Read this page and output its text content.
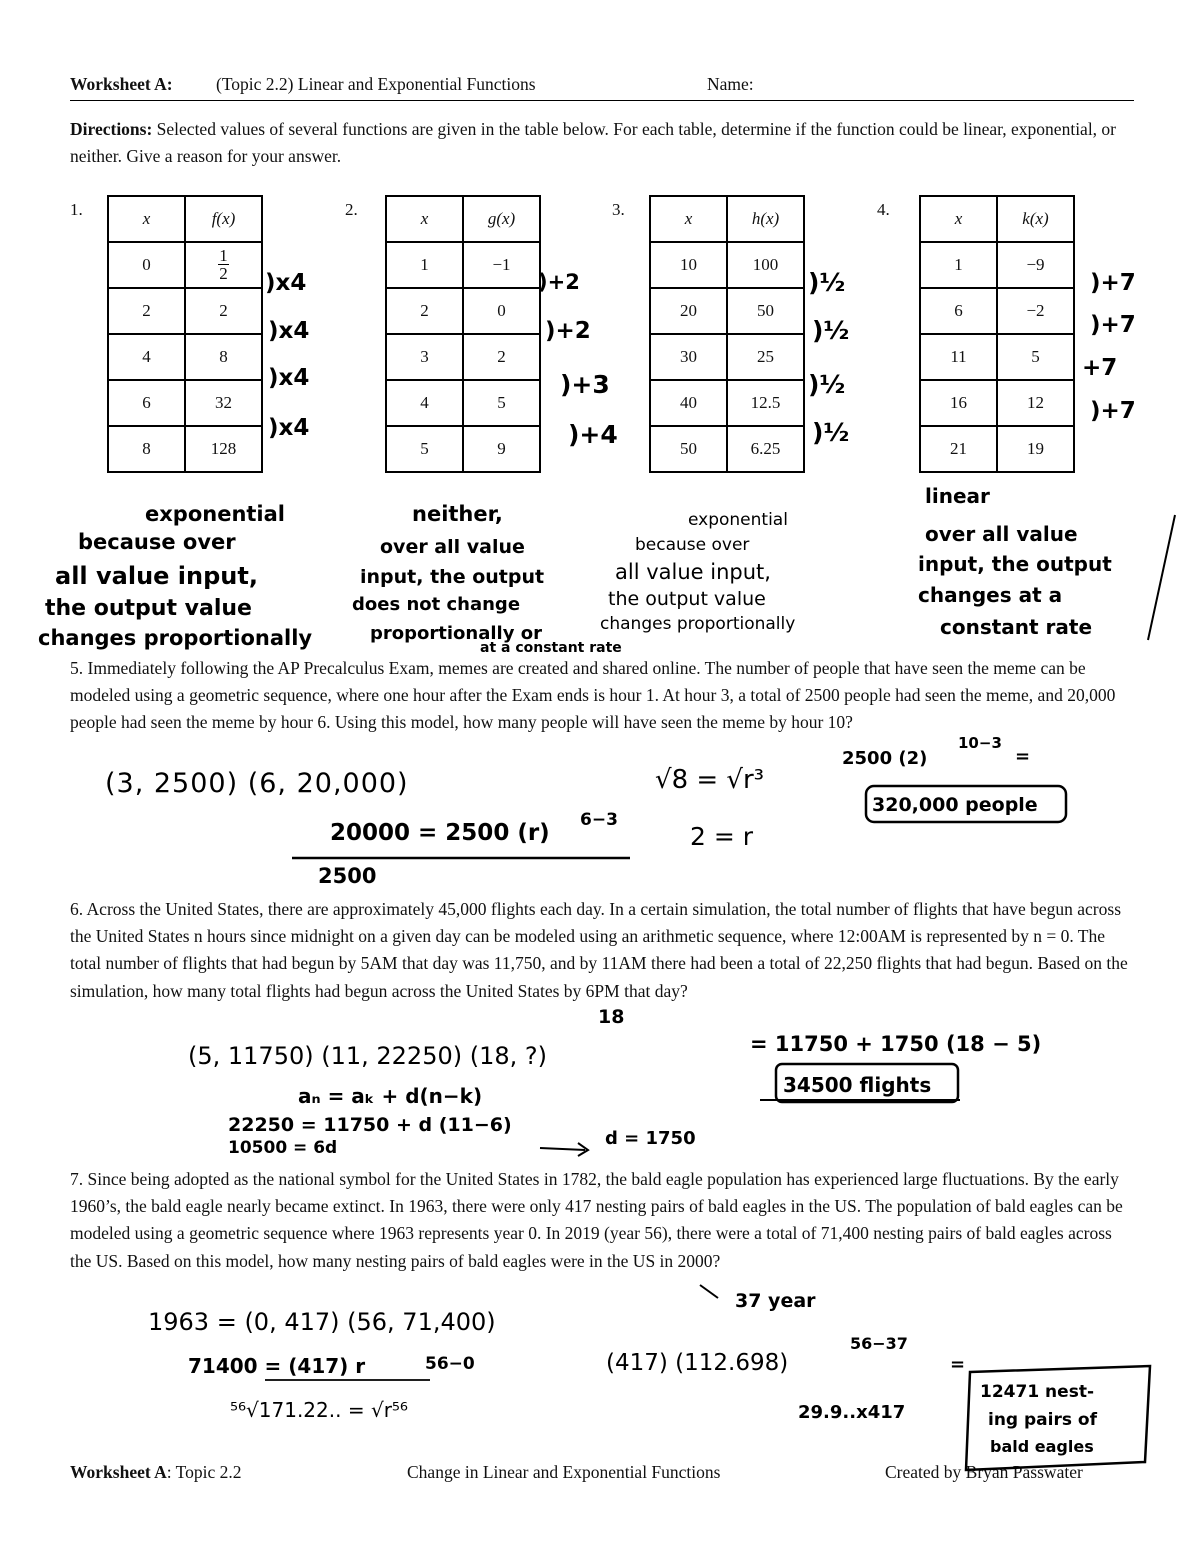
Worksheet A: (Topic 2.2) Linear and Exponential Functions	Name:
Directions: Selected values of several functions are given in the table below. For each table, determine if the function could be linear, exponential, or neither. Give a reason for your answer.
1.	x	f(x)
0	$\frac{1}{2}$

2	2
4	8
6	32
8	128
2.	x	g(x)
1	−1
2	0
3	2
4	5
5	9
3.	x	h(x)
10	100
20	50
30	25
40	12.5
50	6.25
4.	x	k(x)
1	−9
6	−2
11	5
16	12
21	19
)x4
)x4
)x4
)x4
)+2
)+2
)+3
)+4
)½
)½
)½
)½
)+7
)+7
+7
)+7
exponential
because over
all value input,
the output value
changes proportionally
neither,
over all value
input, the output
does not change
proportionally or
at a constant rate
exponential
because over
all value input,
the output value
changes proportionally
linear
over all value
input, the output
changes at a
constant rate
5. Immediately following the AP Precalculus Exam, memes are created and shared online. The number of people that have seen the meme can be modeled using a geometric sequence, where one hour after the Exam ends is hour 1. At hour 3, a total of 2500 people had seen the meme, and 20,000 people had seen the meme by hour 6. Using this model, how many people will have seen the meme by hour 10?
(3, 2500) (6, 20,000)
20000 = 2500 (r) 6−3
2500
√8 = √r³
2 = r
2500 (2)
10−3
=
320,000 people
6. Across the United States, there are approximately 45,000 flights each day. In a certain simulation, the total number of flights that have begun across the United States n hours since midnight on a given day can be modeled using an arithmetic sequence, where 12:00AM is represented by n = 0. The total number of flights that had begun by 5AM that day was 11,750, and by 11AM there had been a total of 22,250 flights that had begun. Based on the simulation, how many total flights had begun across the United States by 6PM that day?
18
(5, 11750) (11, 22250) (18, ?)
aₙ = aₖ + d(n−k)
22250 = 11750 + d (11−6)
10500 = 6d	d = 1750
= 11750 + 1750 (18 − 5)
34500 flights
7. Since being adopted as the national symbol for the United States in 1782, the bald eagle population has experienced large fluctuations. By the early 1960’s, the bald eagle nearly became extinct. In 1963, there were only 417 nesting pairs of bald eagles in the US. The population of bald eagles can be modeled using a geometric sequence where 1963 represents year 0. In 2019 (year 56), there were a total of 71,400 nesting pairs of bald eagles across the US. Based on this model, how many nesting pairs of bald eagles were in the US in 2000?
37 year
1963 = (0, 417) (56, 71,400)
71400 = (417) r	56−0
⁵⁶√171.22.. = √r⁵⁶
(417) (112.698)
56−37
=
29.9..x417
12471 nest-
ing pairs of
bald eagles
Worksheet A: Topic 2.2	Change in Linear and Exponential Functions	Created by Bryan Passwater
